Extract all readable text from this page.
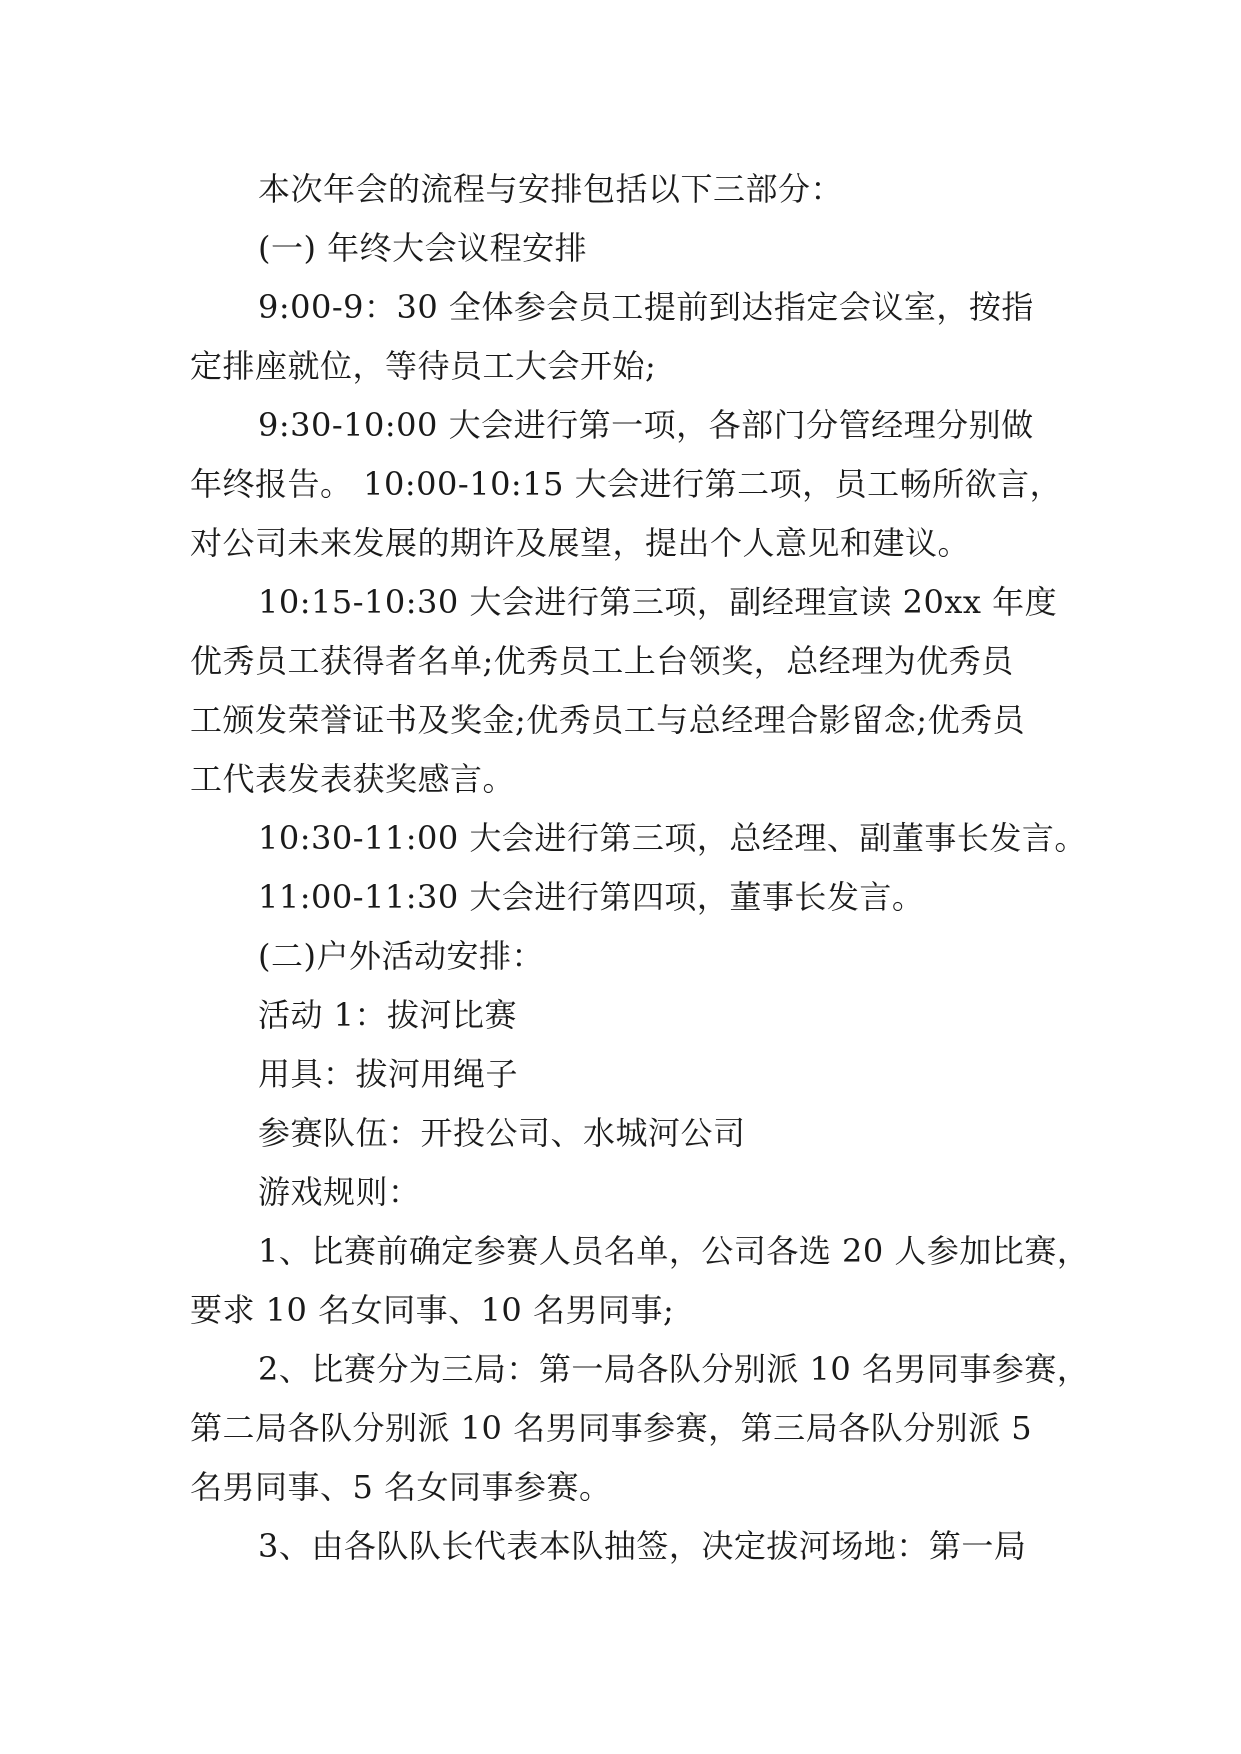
本次年会的流程与安排包括以下三部分：
(一) 年终大会议程安排
9:00-9：30 全体参会员工提前到达指定会议室，按指
定排座就位，等待员工大会开始;
9:30-10:00 大会进行第一项，各部门分管经理分别做
年终报告。 10:00-10:15 大会进行第二项，员工畅所欲言，
对公司未来发展的期许及展望，提出个人意见和建议。
10:15-10:30 大会进行第三项，副经理宣读 20xx 年度
优秀员工获得者名单;优秀员工上台领奖，总经理为优秀员
工颁发荣誉证书及奖金;优秀员工与总经理合影留念;优秀员
工代表发表获奖感言。
10:30-11:00 大会进行第三项，总经理、副董事长发言。
11:00-11:30 大会进行第四项，董事长发言。
(二)户外活动安排：
活动 1：拔河比赛
用具：拔河用绳子
参赛队伍：开投公司、水城河公司
游戏规则：
1、比赛前确定参赛人员名单，公司各选 20 人参加比赛，
要求 10 名女同事、10 名男同事;
2、比赛分为三局：第一局各队分别派 10 名男同事参赛，
第二局各队分别派 10 名男同事参赛，第三局各队分别派 5
名男同事、5 名女同事参赛。
3、由各队队长代表本队抽签，决定拔河场地：第一局
